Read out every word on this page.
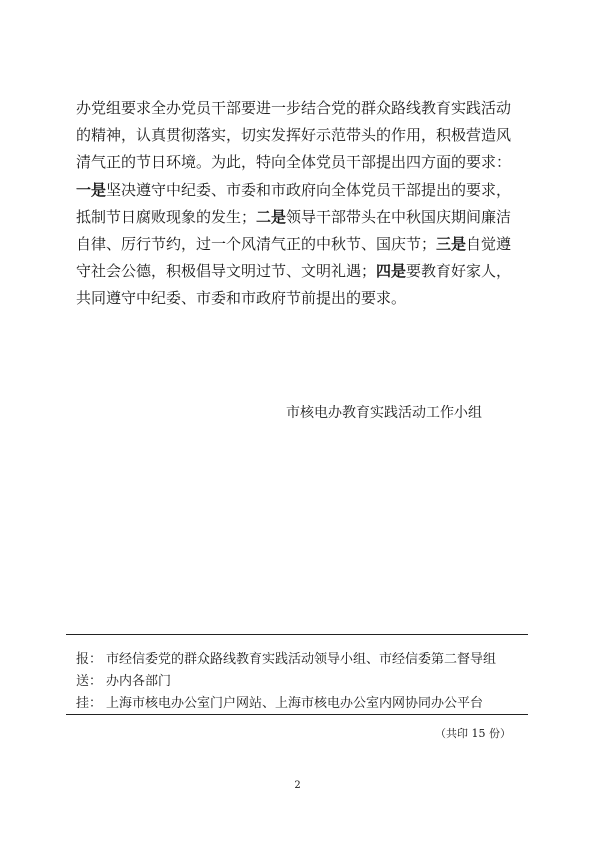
办党组要求全办党员干部要进一步结合党的群众路线教育实践活动
的精神，认真贯彻落实，切实发挥好示范带头的作用，积极营造风
清气正的节日环境。为此，特向全体党员干部提出四方面的要求：
一是坚决遵守中纪委、市委和市政府向全体党员干部提出的要求，
抵制节日腐败现象的发生；二是领导干部带头在中秋国庆期间廉洁
自律、厉行节约，过一个风清气正的中秋节、国庆节；三是自觉遵
守社会公德，积极倡导文明过节、文明礼遇；四是要教育好家人，
共同遵守中纪委、市委和市政府节前提出的要求。
市核电办教育实践活动工作小组
报： 市经信委党的群众路线教育实践活动领导小组、市经信委第二督导组
送： 办内各部门
挂： 上海市核电办公室门户网站、上海市核电办公室内网协同办公平台
（共印 15 份）
2
